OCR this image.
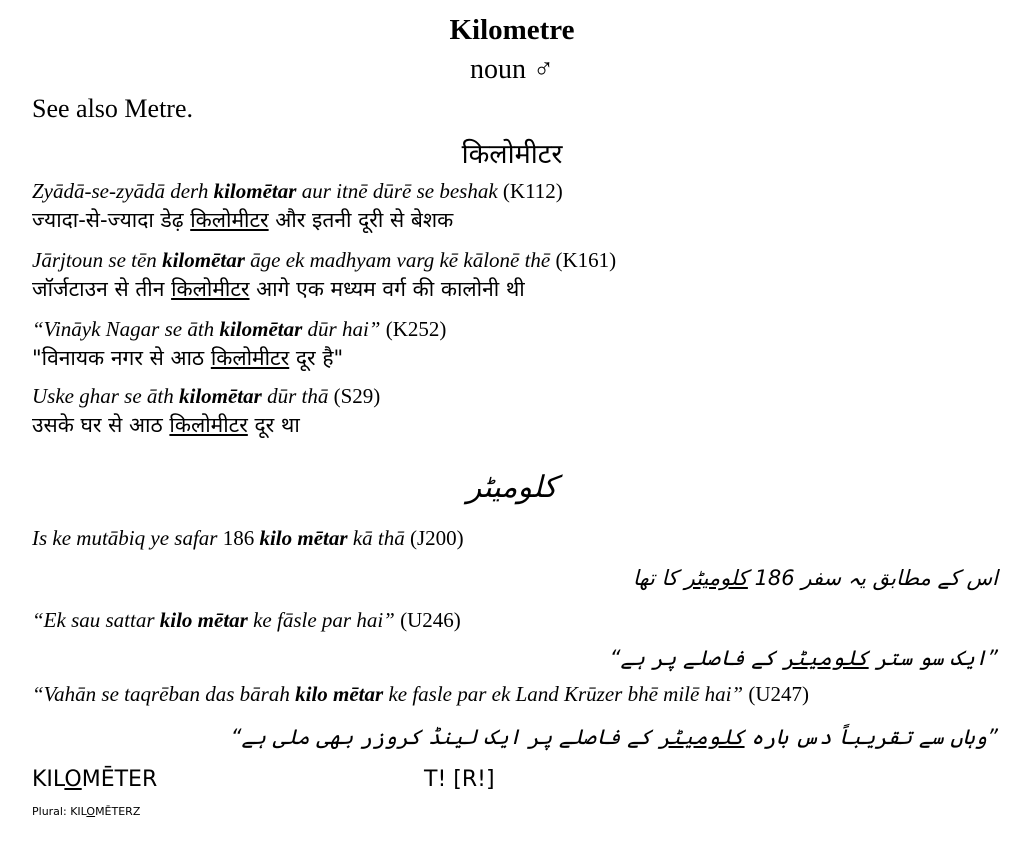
Kilometre
noun ♂
See also Metre.
किलोमीटर
Zyādā-se-zyādā derh kilomētar aur itnē dūrē se beshak (K112)
ज्यादा-से-ज्यादा डेढ़ किलोमीटर और इतनी दूरी से बेशक
Jārjtoun se tēn kilomētar āge ek madhyam varg kē kālonē thē (K161)
जॉर्जटाउन से तीन किलोमीटर आगे एक मध्यम वर्ग की कालोनी थी
“Vināyk Nagar se āth kilomētar dūr hai” (K252)
"विनायक नगर से आठ किलोमीटर दूर है"
Uske ghar se āth kilomētar dūr thā (S29)
उसके घर से आठ किलोमीटर दूर था
کلومیٹر
Is ke mutābiq ye safar 186 kilo mētar kā thā (J200)
اس کے مطابق یہ سفر 186 کلومیٹر کا تھا
“Ek sau sattar kilo mētar ke fāsle par hai” (U246)
”ایک سو ستر کلومیٹر کے فاصلے پر ہے“
“Vahān se taqrēban das bārah kilo mētar ke fasle par ek Land Krūzer bhē milē hai” (U247)
”وہاں سے تقریباً دس بارہ کلومیٹر کے فاصلے پر ایک لینڈ کروزر بھی ملی ہے“
KILOMĒTER	T! [R!]
Plural: KILOMĒTERZ
